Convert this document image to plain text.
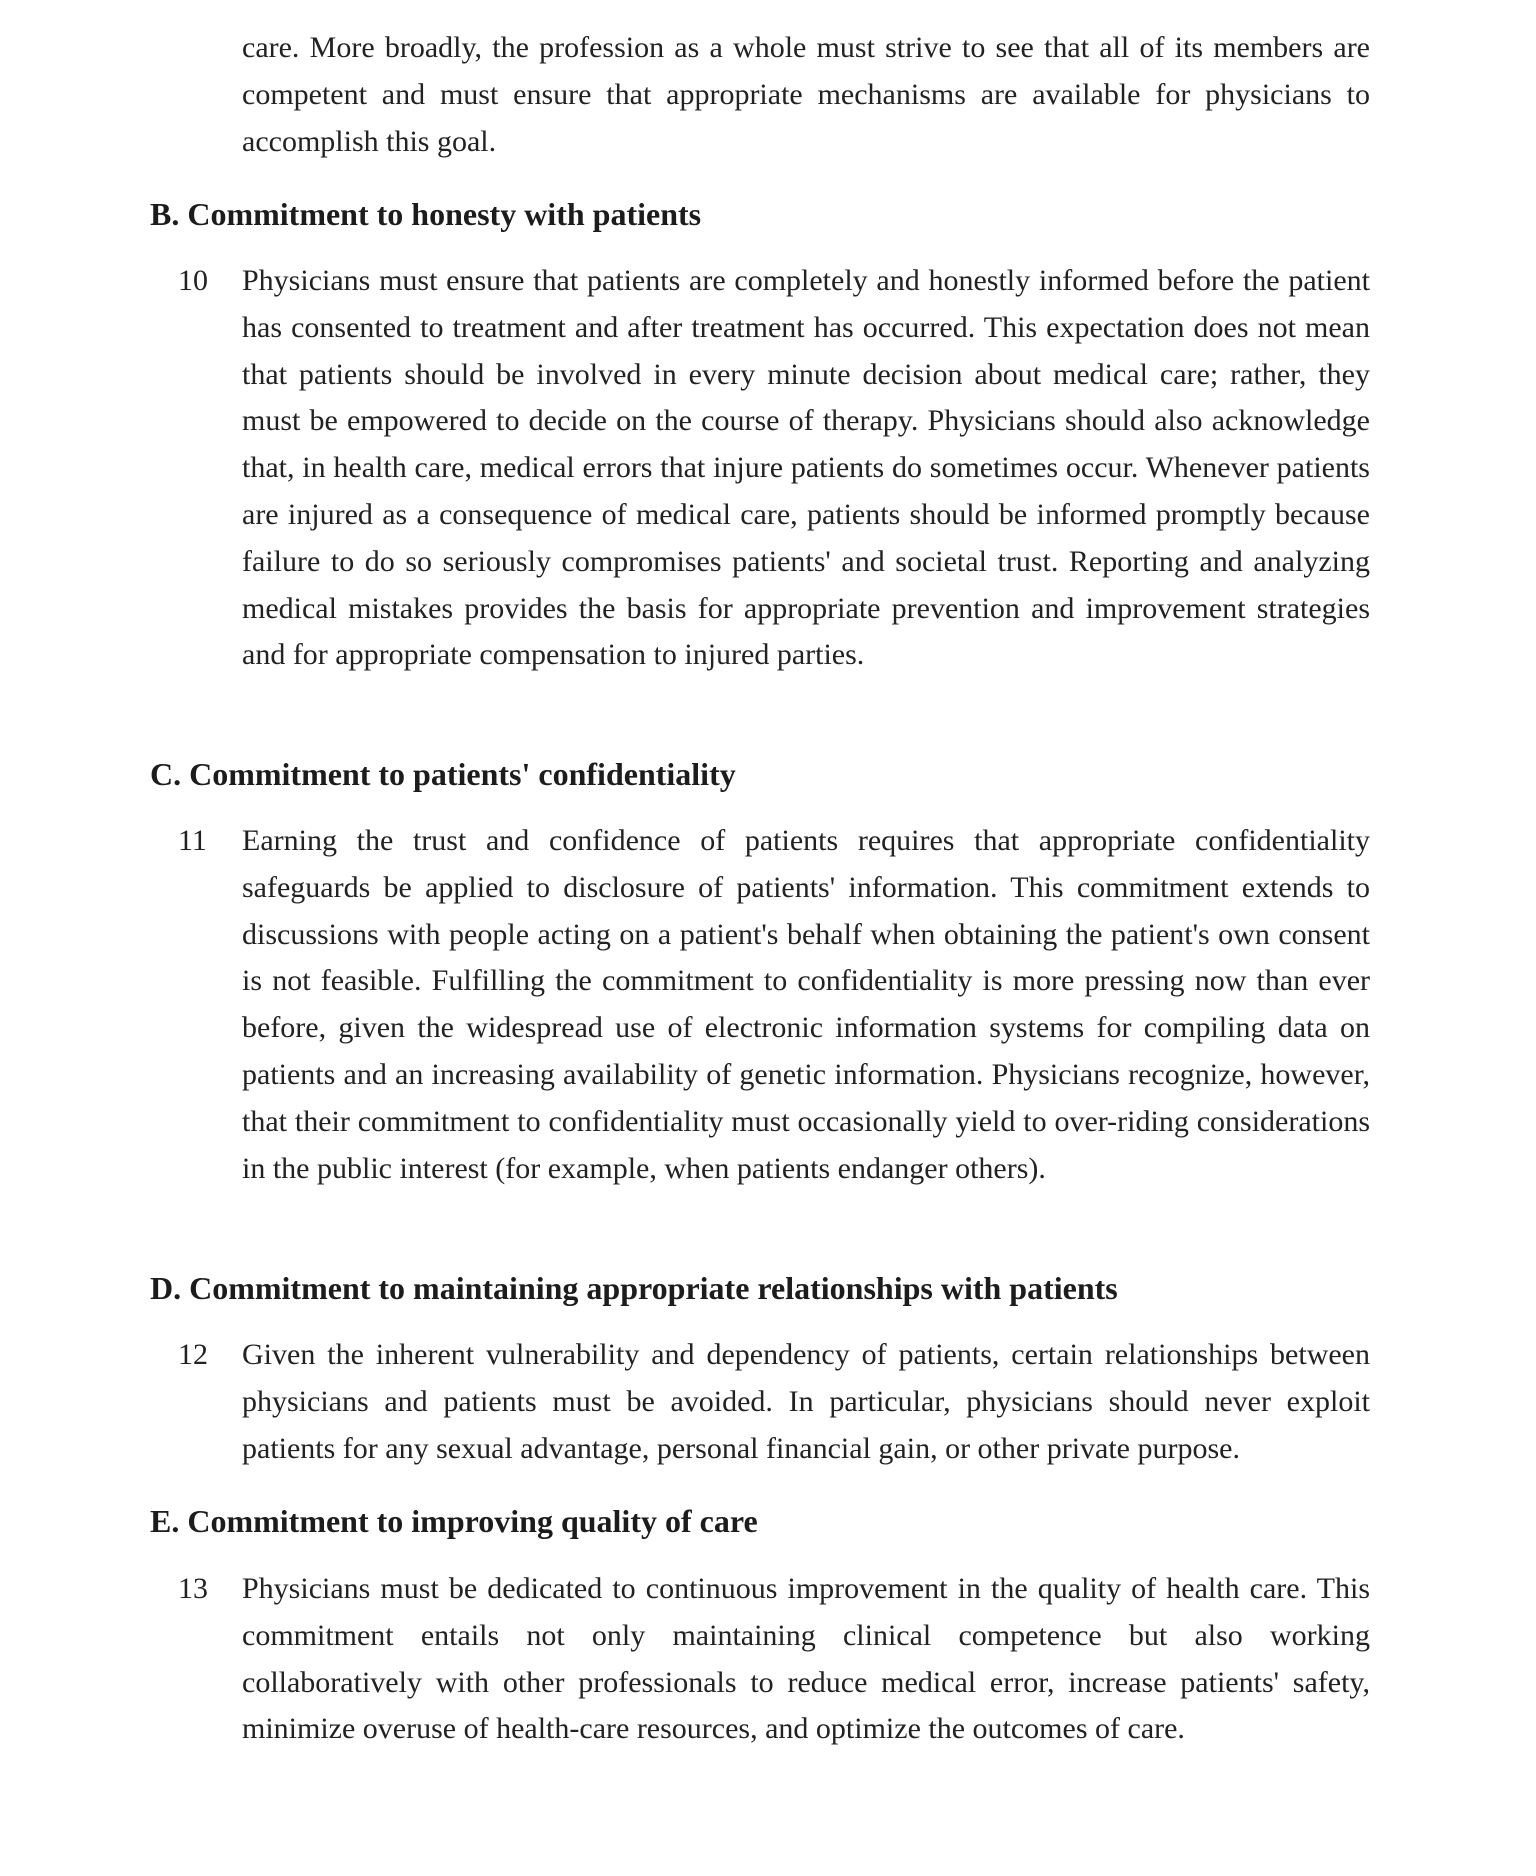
care. More broadly, the profession as a whole must strive to see that all of its members are competent and must ensure that appropriate mechanisms are available for physicians to accomplish this goal.

B. Commitment to honesty with patients
10 Physicians must ensure that patients are completely and honestly informed before the patient has consented to treatment and after treatment has occurred. This expectation does not mean that patients should be involved in every minute decision about medical care; rather, they must be empowered to decide on the course of therapy. Physicians should also acknowledge that, in health care, medical errors that injure patients do sometimes occur. Whenever patients are injured as a consequence of medical care, patients should be informed promptly because failure to do so seriously compromises patients' and societal trust. Reporting and analyzing medical mistakes provides the basis for appropriate prevention and improvement strategies and for appropriate compensation to injured parties.

C. Commitment to patients' confidentiality
11 Earning the trust and confidence of patients requires that appropriate confidentiality safeguards be applied to disclosure of patients' information. This commitment extends to discussions with people acting on a patient's behalf when obtaining the patient's own consent is not feasible. Fulfilling the commitment to confidentiality is more pressing now than ever before, given the widespread use of electronic information systems for compiling data on patients and an increasing availability of genetic information. Physicians recognize, however, that their commitment to confidentiality must occasionally yield to over-riding considerations in the public interest (for example, when patients endanger others).

D. Commitment to maintaining appropriate relationships with patients
12 Given the inherent vulnerability and dependency of patients, certain relationships between physicians and patients must be avoided. In particular, physicians should never exploit patients for any sexual advantage, personal financial gain, or other private purpose.

E. Commitment to improving quality of care
13 Physicians must be dedicated to continuous improvement in the quality of health care. This commitment entails not only maintaining clinical competence but also working collaboratively with other professionals to reduce medical error, increase patients' safety, minimize overuse of health-care resources, and optimize the outcomes of care.
